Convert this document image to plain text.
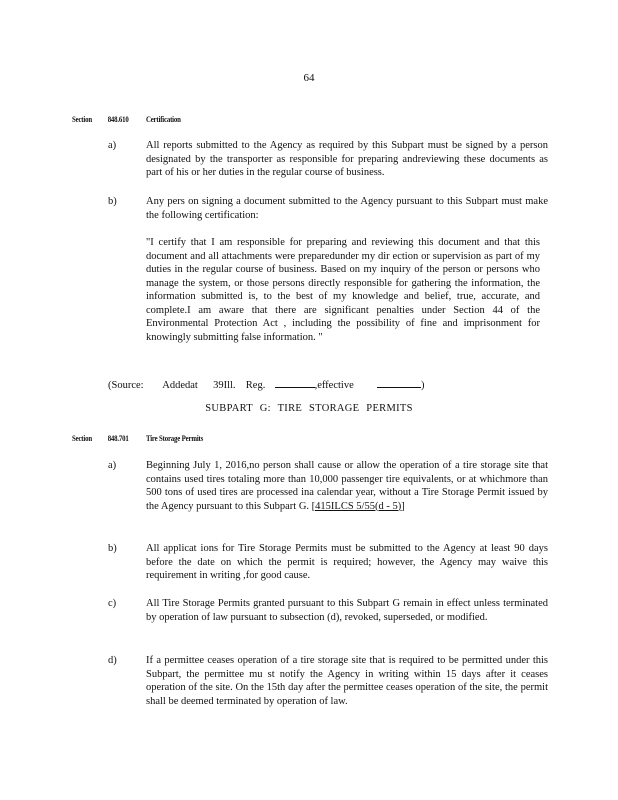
64
Section 848.610 Certification
a)	All reports submitted to the Agency as required by this Subpart must be signed by a person designated by the transporter as responsible for preparing andreviewing these documents as part of his or her duties in the regular course of business.
b)	Any pers on signing a document submitted to the Agency pursuant to this Subpart must make the following certification:
"I certify that I am responsible for preparing and reviewing this document and that this document and all attachments were preparedunder my dir ection or supervision as part of my duties in the regular course of business. Based on my inquiry of the person or persons who manage the system, or those persons directly responsible for gathering the information, the information submitted is, to the best of my knowledge and belief, true, accurate, and complete.I am aware that there are significant penalties under Section 44 of the Environmental Protection Act , including the possibility of fine and imprisonment for knowingly submitting false information. "
(Source: Addedat 39Ill. Reg.	,effective	)
SUBPART G: TIRE STORAGE PERMITS
Section 848.701 Tire Storage Permits
a)	Beginning July 1, 2016,no person shall cause or allow the operation of a tire storage site that contains used tires totaling more than 10,000 passenger tire equivalents, or at whichmore than 500 tons of used tires are processed ina calendar year, without a Tire Storage Permit issued by the Agency pursuant to this Subpart G. [415ILCS 5/55(d - 5)]
b)	All applicat ions for Tire Storage Permits must be submitted to the Agency at least 90 days before the date on which the permit is required; however, the Agency may waive this requirement in writing ,for good cause.
c)	All Tire Storage Permits granted pursuant to this Subpart G remain in effect unless terminated by operation of law pursuant to subsection (d), revoked, superseded, or modified.
d)	If a permittee ceases operation of a tire storage site that is required to be permitted under this Subpart, the permittee mu st notify the Agency in writing within 15 days after it ceases operation of the site. On the 15th day after the permittee ceases operation of the site, the permit shall be deemed terminated by operation of law.
